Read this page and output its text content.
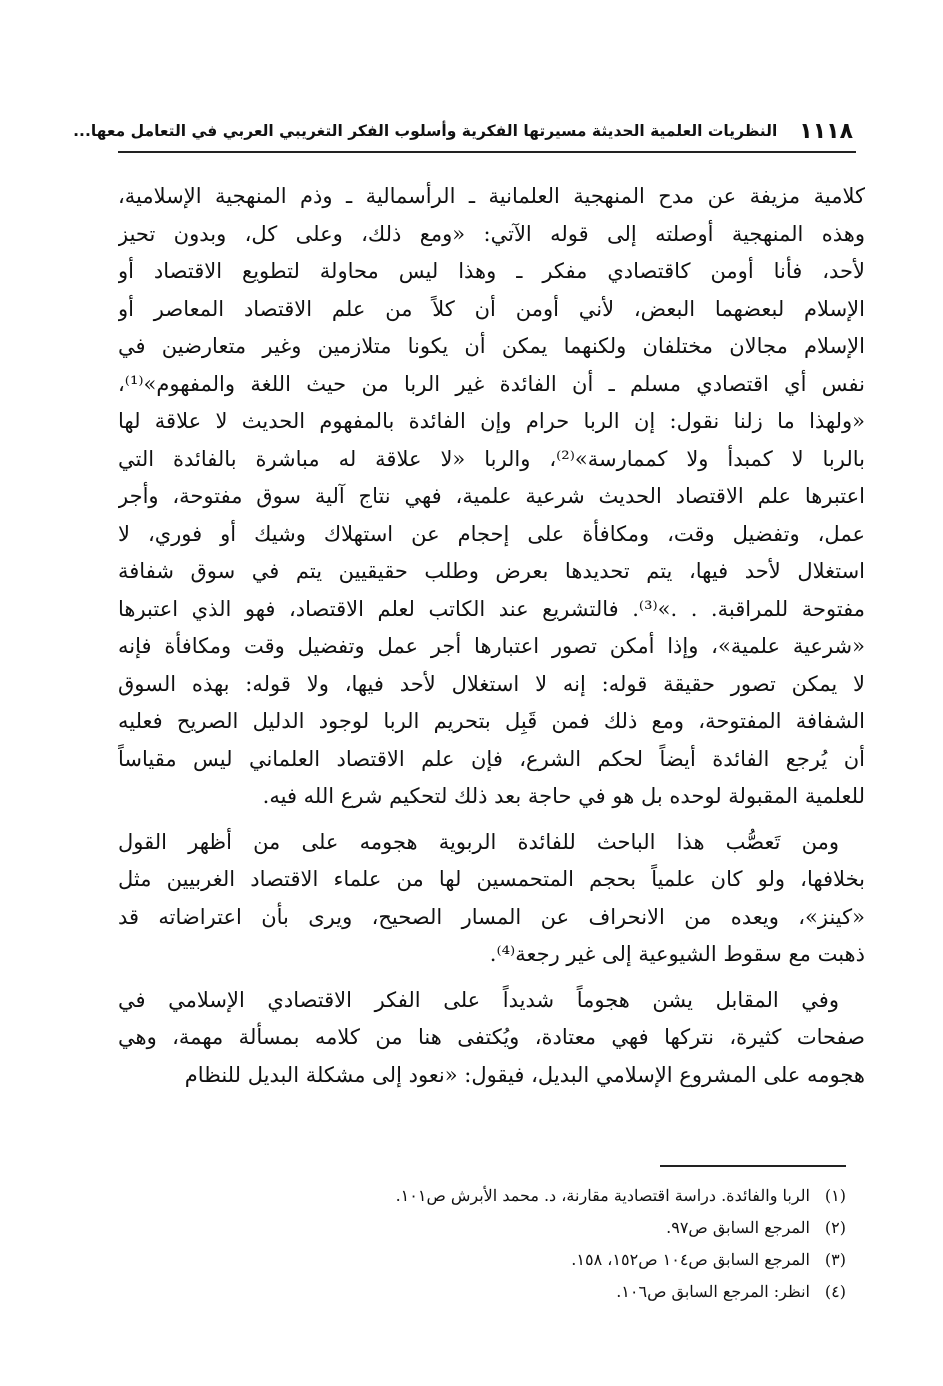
١١١٨
النظريات العلمية الحديثة مسيرتها الفكرية وأسلوب الفكر التغريبي العربي في التعامل معها...
كلامية مزيفة عن مدح المنهجية العلمانية ـ الرأسمالية ـ وذم المنهجية الإسلامية،
وهذه المنهجية أوصلته إلى قوله الآتي: «ومع ذلك، وعلى كل، وبدون تحيز
لأحد، فأنا أومن كاقتصادي مفكر ـ وهذا ليس محاولة لتطويع الاقتصاد أو
الإسلام لبعضهما البعض، لأني أومن أن كلاً من علم الاقتصاد المعاصر أو
الإسلام مجالان مختلفان ولكنهما يمكن أن يكونا متلازمين وغير متعارضين في
نفس أي اقتصادي مسلم ـ أن الفائدة غير الربا من حيث اللغة والمفهوم»⁽¹⁾،
«ولهذا ما زلنا نقول: إن الربا حرام وإن الفائدة بالمفهوم الحديث لا علاقة لها
بالربا لا كمبدأ ولا كممارسة»⁽²⁾، والربا «لا علاقة له مباشرة بالفائدة التي
اعتبرها علم الاقتصاد الحديث شرعية علمية، فهي نتاج آلية سوق مفتوحة، وأجر
عمل، وتفضيل وقت، ومكافأة على إحجام عن استهلاك وشيك أو فوري، لا
استغلال لأحد فيها، يتم تحديدها بعرض وطلب حقيقيين يتم في سوق شفافة
مفتوحة للمراقبة. . .»⁽³⁾. فالتشريع عند الكاتب لعلم الاقتصاد، فهو الذي اعتبرها
«شرعية علمية»، وإذا أمكن تصور اعتبارها أجر عمل وتفضيل وقت ومكافأة فإنه
لا يمكن تصور حقيقة قوله: إنه لا استغلال لأحد فيها، ولا قوله: بهذه السوق
الشفافة المفتوحة، ومع ذلك فمن قَبِل بتحريم الربا لوجود الدليل الصريح فعليه
أن يُرجع الفائدة أيضاً لحكم الشرع، فإن علم الاقتصاد العلماني ليس مقياساً
للعلمية المقبولة لوحده بل هو في حاجة بعد ذلك لتحكيم شرع الله فيه.
ومن تَعصُّب هذا الباحث للفائدة الربوية هجومه على من أظهر القول
بخلافها، ولو كان علمياً بحجم المتحمسين لها من علماء الاقتصاد الغربيين مثل
«كينز»، ويعده من الانحراف عن المسار الصحيح، ويرى بأن اعتراضاته قد
ذهبت مع سقوط الشيوعية إلى غير رجعة⁽⁴⁾.
وفي المقابل يشن هجوماً شديداً على الفكر الاقتصادي الإسلامي في
صفحات كثيرة، نتركها فهي معتادة، ويُكتفى هنا من كلامه بمسألة مهمة، وهي
هجومه على المشروع الإسلامي البديل، فيقول: «نعود إلى مشكلة البديل للنظام
(١)الربا والفائدة. دراسة اقتصادية مقارنة، د. محمد الأبرش ص١٠١.
(٢)المرجع السابق ص٩٧.
(٣)المرجع السابق ص١٠٤ ص١٥٢، ١٥٨.
(٤)انظر: المرجع السابق ص١٠٦.
